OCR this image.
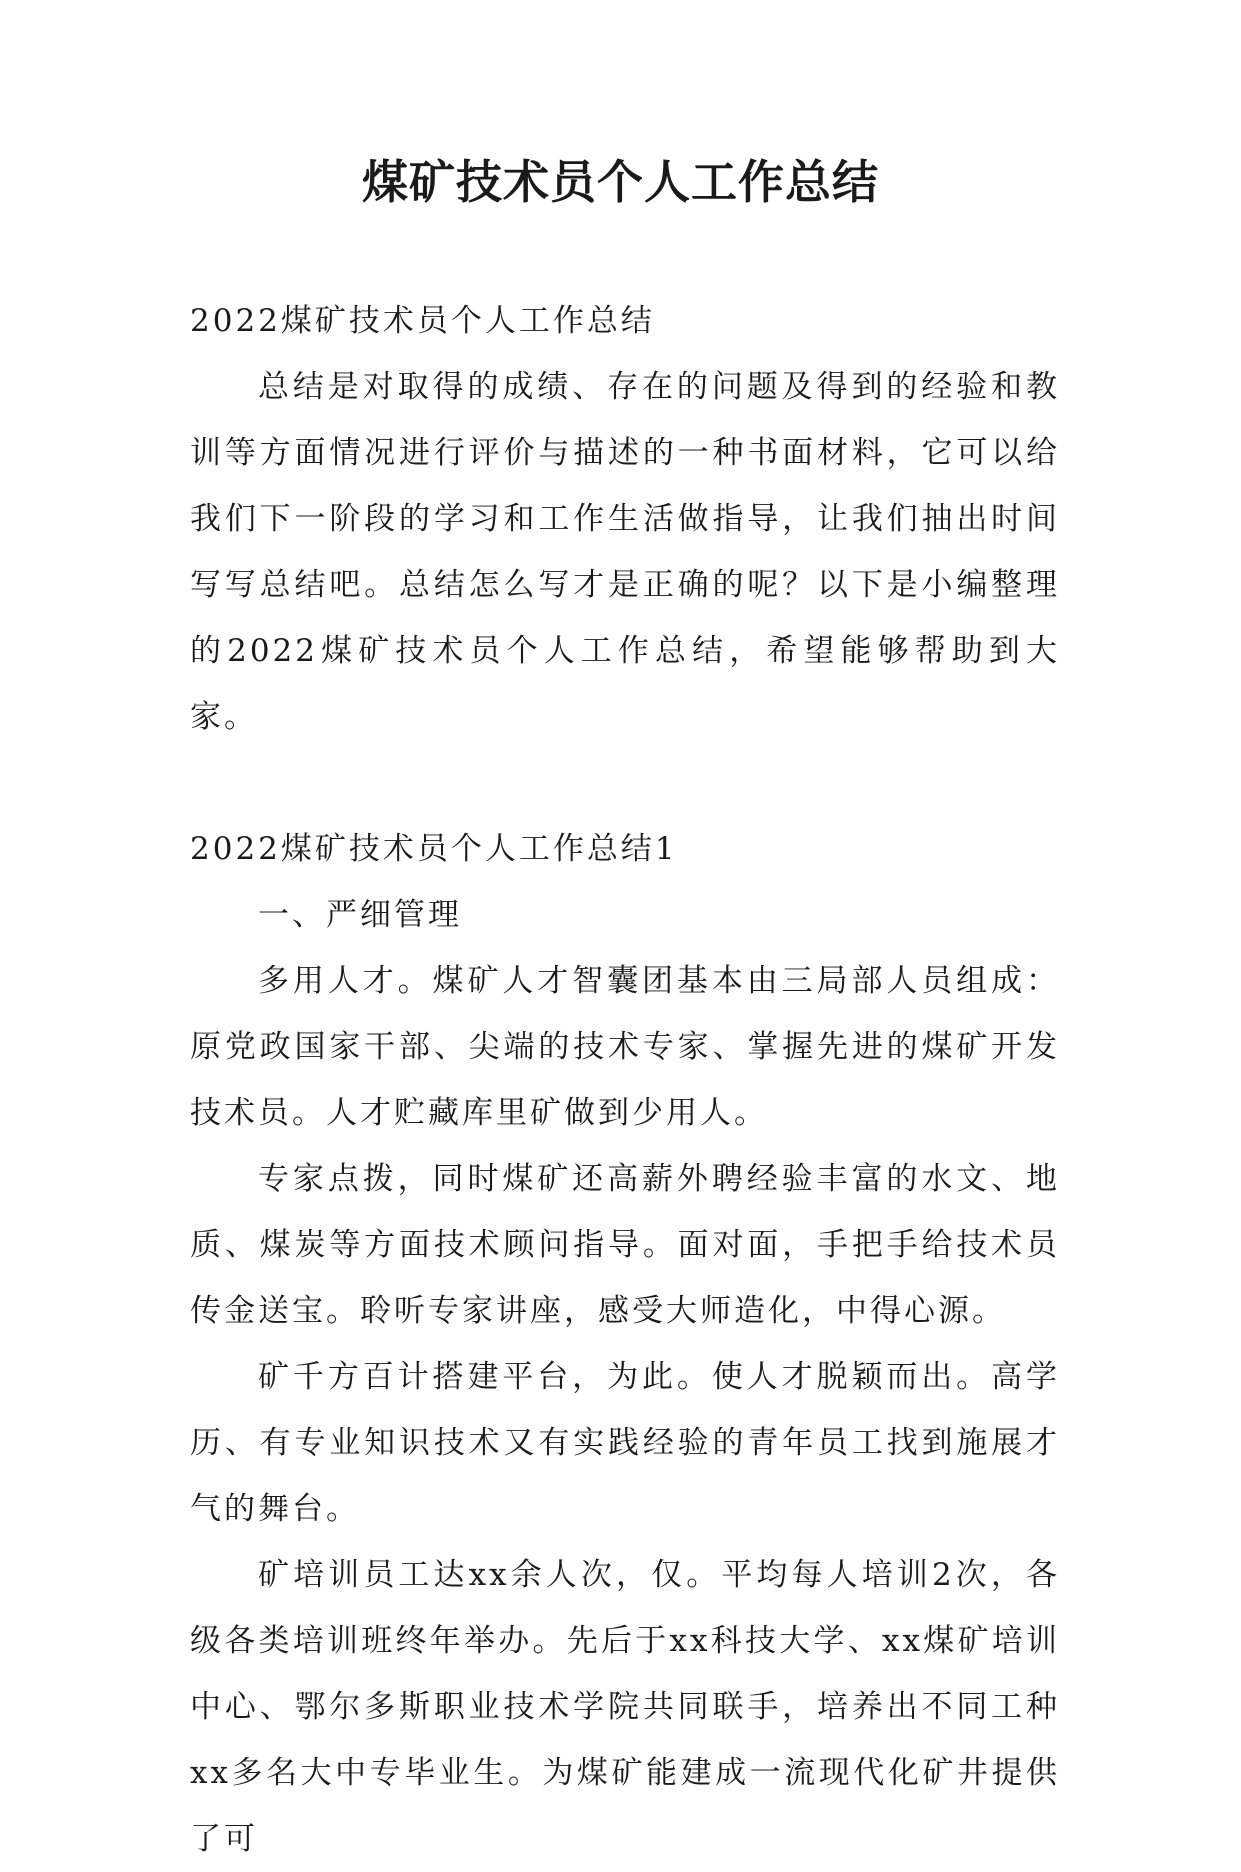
煤矿技术员个人工作总结

2022煤矿技术员个人工作总结

总结是对取得的成绩、存在的问题及得到的经验和教训等方面情况进行评价与描述的一种书面材料，它可以给我们下一阶段的学习和工作生活做指导，让我们抽出时间写写总结吧。总结怎么写才是正确的呢？以下是小编整理的2022煤矿技术员个人工作总结，希望能够帮助到大家。

2022煤矿技术员个人工作总结1

一、严细管理

多用人才。煤矿人才智囊团基本由三局部人员组成：原党政国家干部、尖端的技术专家、掌握先进的煤矿开发技术员。人才贮藏库里矿做到少用人。

专家点拨，同时煤矿还高薪外聘经验丰富的水文、地质、煤炭等方面技术顾问指导。面对面，手把手给技术员传金送宝。聆听专家讲座，感受大师造化，中得心源。

矿千方百计搭建平台，为此。使人才脱颖而出。高学历、有专业知识技术又有实践经验的青年员工找到施展才气的舞台。

矿培训员工达xx余人次，仅。平均每人培训2次，各级各类培训班终年举办。先后于xx科技大学、xx煤矿培训中心、鄂尔多斯职业技术学院共同联手，培养出不同工种xx多名大中专毕业生。为煤矿能建成一流现代化矿井提供了可
